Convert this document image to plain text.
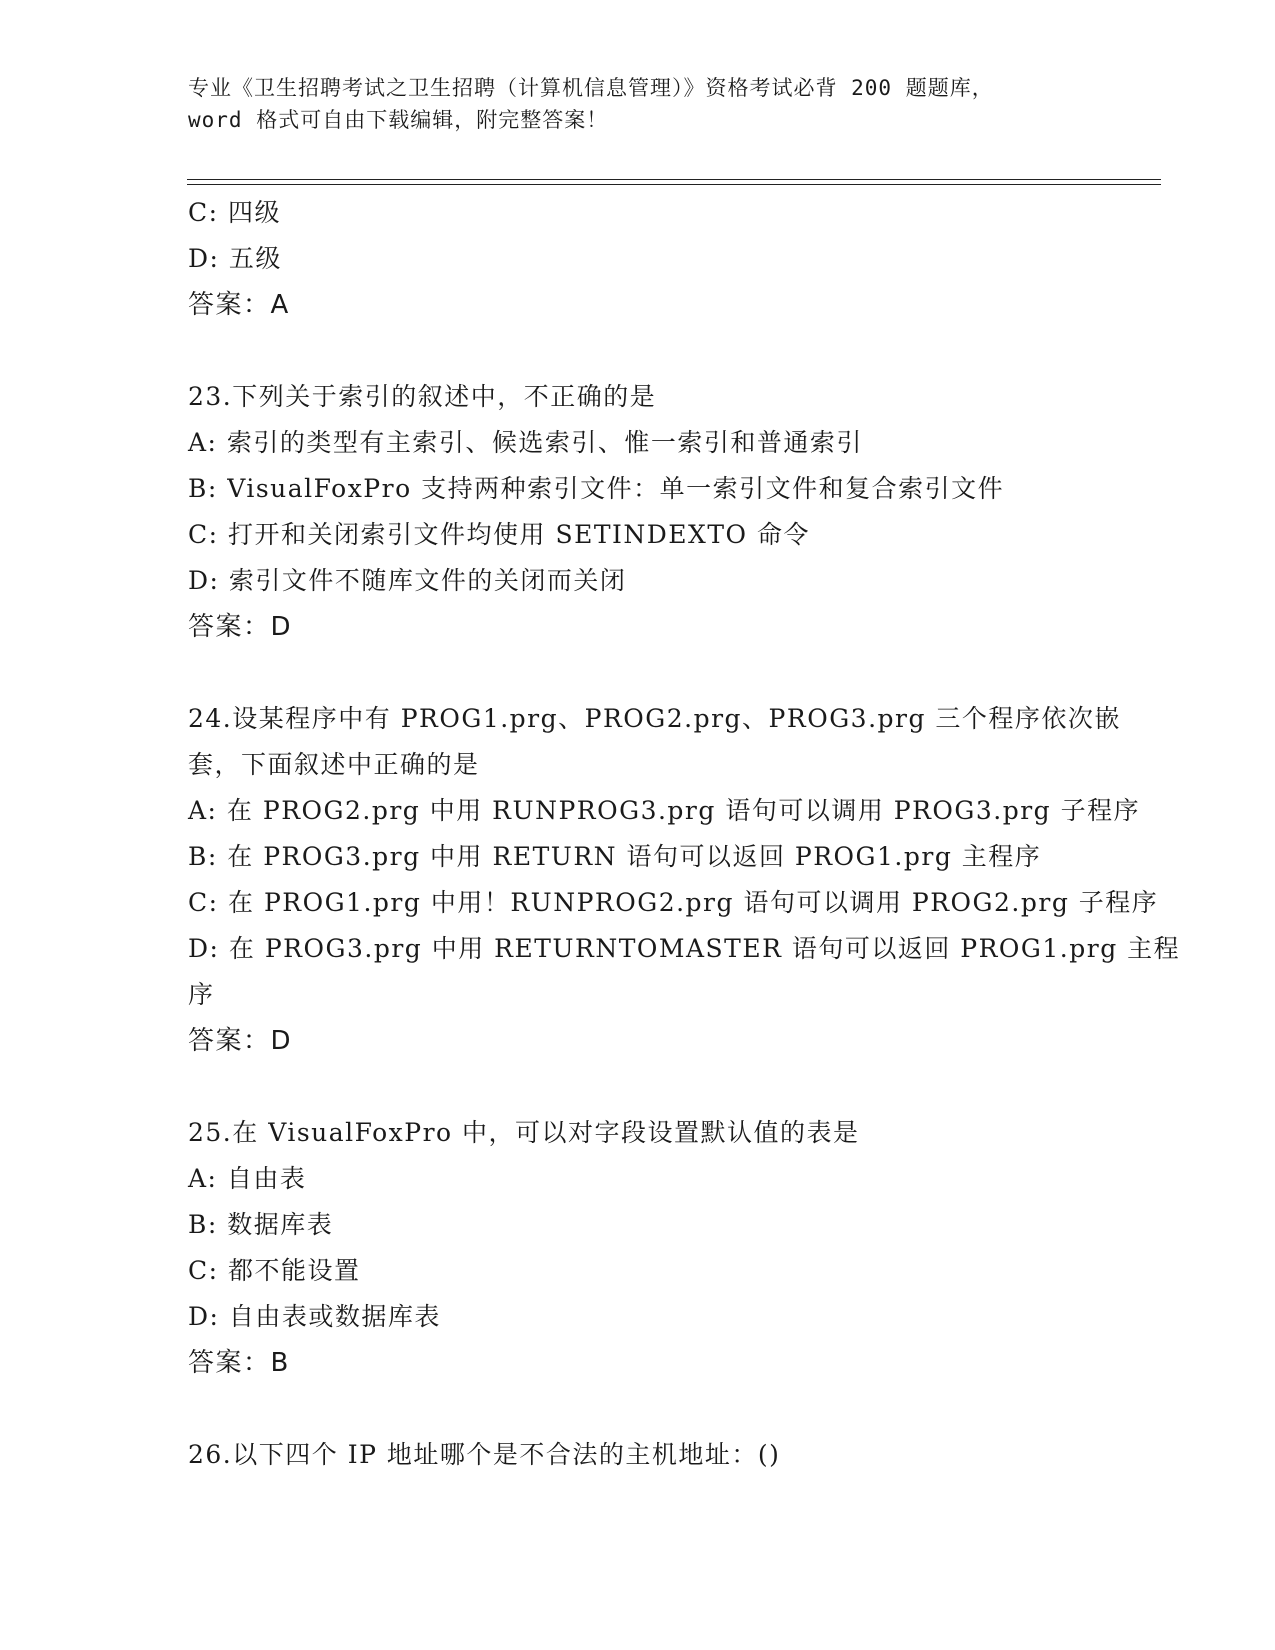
专业《卫生招聘考试之卫生招聘（计算机信息管理）》资格考试必背 200 题题库，
word 格式可自由下载编辑，附完整答案！
C: 四级
D: 五级
答案：A
23.下列关于索引的叙述中，不正确的是
A: 索引的类型有主索引、候选索引、惟一索引和普通索引
B: VisualFoxPro 支持两种索引文件：单一索引文件和复合索引文件
C: 打开和关闭索引文件均使用 SETINDEXTO 命令
D: 索引文件不随库文件的关闭而关闭
答案：D
24.设某程序中有 PROG1.prg、PROG2.prg、PROG3.prg 三个程序依次嵌
套，下面叙述中正确的是
A: 在 PROG2.prg 中用 RUNPROG3.prg 语句可以调用 PROG3.prg 子程序
B: 在 PROG3.prg 中用 RETURN 语句可以返回 PROG1.prg 主程序
C: 在 PROG1.prg 中用！RUNPROG2.prg 语句可以调用 PROG2.prg 子程序
D: 在 PROG3.prg 中用 RETURNTOMASTER 语句可以返回 PROG1.prg 主程
序
答案：D
25.在 VisualFoxPro 中，可以对字段设置默认值的表是
A: 自由表
B: 数据库表
C: 都不能设置
D: 自由表或数据库表
答案：B
26.以下四个 IP 地址哪个是不合法的主机地址：()
